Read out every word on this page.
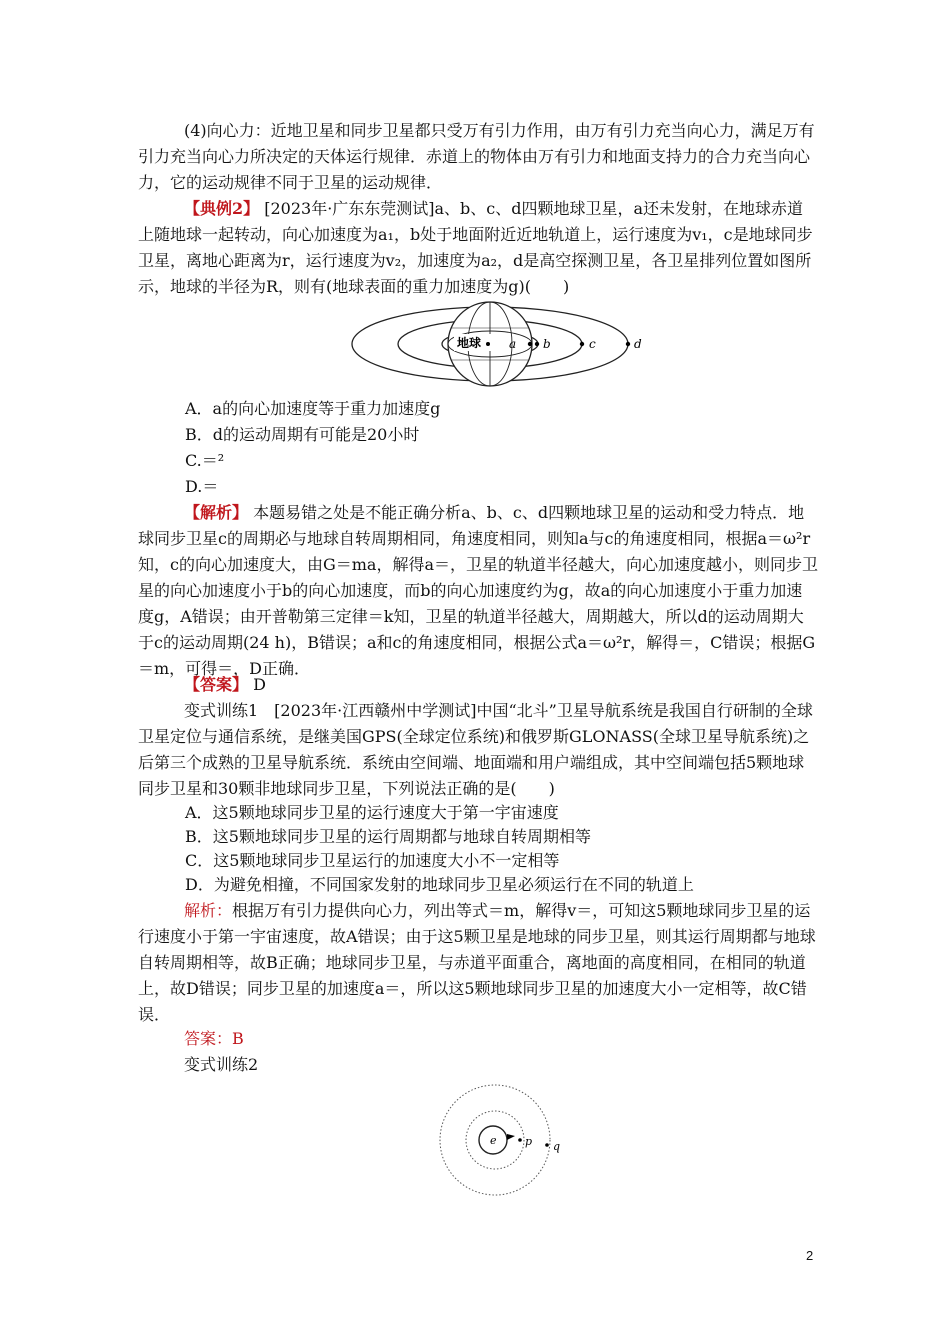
(4)向心力：近地卫星和同步卫星都只受万有引力作用，由万有引力充当向心力，满足万有引力充当向心力所决定的天体运行规律．赤道上的物体由万有引力和地面支持力的合力充当向心力，它的运动规律不同于卫星的运动规律．

【典例2】 [2023年·广东东莞测试]a、b、c、d四颗地球卫星，a还未发射，在地球赤道上随地球一起转动，向心加速度为a₁，b处于地面附近近地轨道上，运行速度为v₁，c是地球同步卫星，离地心距离为r，运行速度为v₂，加速度为a₂，d是高空探测卫星，各卫星排列位置如图所示，地球的半径为R，则有(地球表面的重力加速度为g)(　　)

地球 a b	c	d

A．a的向心加速度等于重力加速度g

B．d的运动周期有可能是20小时

C.＝²

D.＝

【解析】 本题易错之处是不能正确分析a、b、c、d四颗地球卫星的运动和受力特点．地球同步卫星c的周期必与地球自转周期相同，角速度相同，则知a与c的角速度相同，根据a＝ω²r知，c的向心加速度大，由G＝ma，解得a＝，卫星的轨道半径越大，向心加速度越小，则同步卫星的向心加速度小于b的向心加速度，而b的向心加速度约为g，故a的向心加速度小于重力加速度g，A错误；由开普勒第三定律＝k知，卫星的轨道半径越大，周期越大，所以d的运动周期大于c的运动周期(24 h)，B错误；a和c的角速度相同，根据公式a＝ω²r，解得＝，C错误；根据G＝m，可得＝，D正确．

【答案】 D

变式训练1　[2023年·江西赣州中学测试]中国“北斗”卫星导航系统是我国自行研制的全球卫星定位与通信系统，是继美国GPS(全球定位系统)和俄罗斯GLONASS(全球卫星导航系统)之后第三个成熟的卫星导航系统．系统由空间端、地面端和用户端组成，其中空间端包括5颗地球同步卫星和30颗非地球同步卫星，下列说法正确的是(　　)

A．这5颗地球同步卫星的运行速度大于第一宇宙速度

B．这5颗地球同步卫星的运行周期都与地球自转周期相等

C．这5颗地球同步卫星运行的加速度大小不一定相等

D．为避免相撞，不同国家发射的地球同步卫星必须运行在不同的轨道上

解析：根据万有引力提供向心力，列出等式＝m，解得v＝，可知这5颗地球同步卫星的运行速度小于第一宇宙速度，故A错误；由于这5颗卫星是地球的同步卫星，则其运行周期都与地球自转周期相等，故B正确；地球同步卫星，与赤道平面重合，离地面的高度相同，在相同的轨道上，故D错误；同步卫星的加速度a＝，所以这5颗地球同步卫星的加速度大小一定相等，故C错误．

答案：B

变式训练2

e	p q
2
